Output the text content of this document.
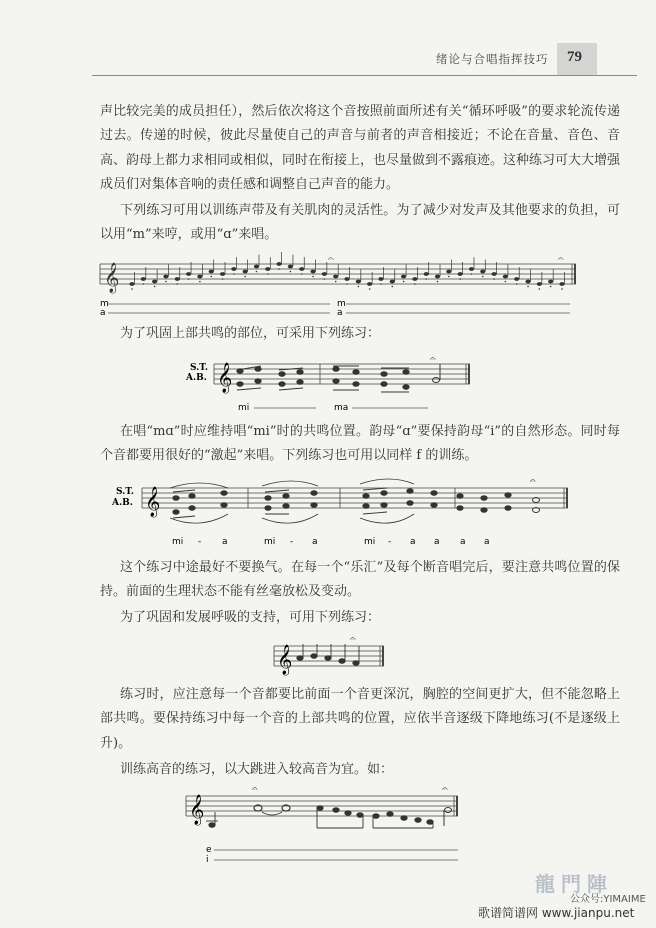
绪论与合唱指挥技巧 79
声比较完美的成员担任），然后依次将这个音按照前面所述有关“循环呼吸”的要求轮流传递过去。传递的时候，彼此尽量使自己的声音与前者的声音相接近；不论在音量、音色、音高、韵母上都力求相同或相似，同时在衔接上，也尽量做到不露痕迹。这种练习可大大增强成员们对集体音响的责任感和调整自己声音的能力。
下列练习可用以训练声带及有关肌肉的灵活性。为了减少对发声及其他要求的负担，可以用“m”来哼，或用“ɑ”来唱。
𝄞
m
a
m
a
𝄐	𝄐
为了巩固上部共鸣的部位，可采用下列练习：
S.T.
A.B. 𝄞
𝄐
mi	ma
在唱“mɑ”时应维持唱“mi”时的共鸣位置。韵母“ɑ”要保持韵母“i”的自然形态。同时每个音都要用很好的“激起”来唱。下列练习也可用以同样 f 的训练。
S.T.
A.B. 𝄞
𝄐
mi - a	mi - a	mi - a a a a
这个练习中途最好不要换气。在每一个“乐汇”及每个断音唱完后，要注意共鸣位置的保持。前面的生理状态不能有丝毫放松及变动。
为了巩固和发展呼吸的支持，可用下列练习：
𝄞
𝄐
练习时，应注意每一个音都要比前面一个音更深沉，胸腔的空间更扩大，但不能忽略上部共鸣。要保持练习中每一个音的上部共鸣的位置，应依半音逐级下降地练习(不是逐级上升)。
训练高音的练习，以大跳进入较高音为宜。如：
𝄞
𝄐	𝄐
e
i
龍門陣
公众号:YIMAIME
歌谱简谱网 www.jianpu.net
